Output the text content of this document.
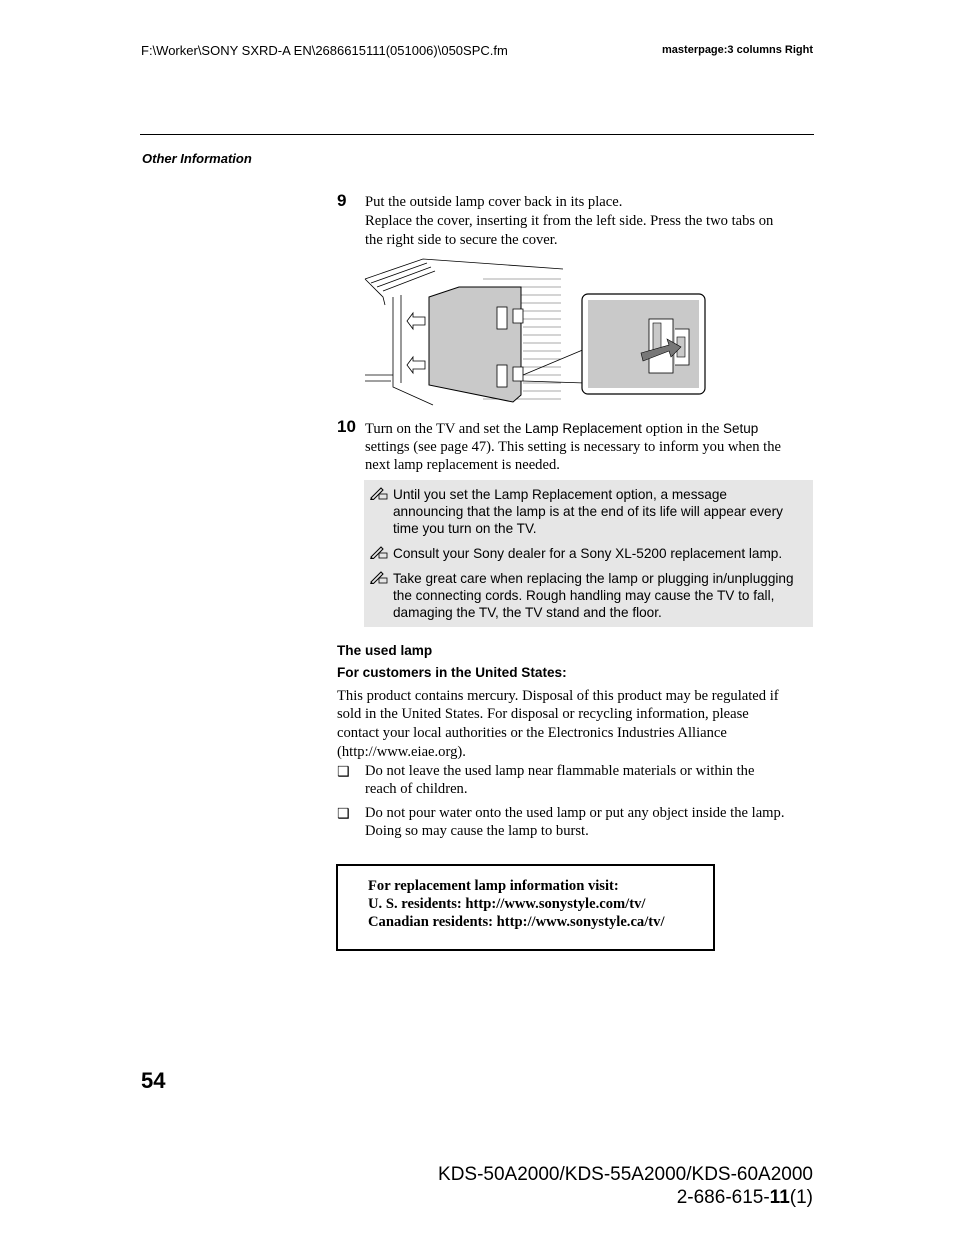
F:\Worker\SONY SXRD-A EN\2686615111(051006)\050SPC.fm	masterpage:3 columns Right
Other Information
9 Put the outside lamp cover back in its place.
Replace the cover, inserting it from the left side. Press the two tabs on
the right side to secure the cover.
10 Turn on the TV and set the Lamp Replacement option in the Setup
settings (see page 47). This setting is necessary to inform you when the
next lamp replacement is needed.
Until you set the Lamp Replacement option, a message
announcing that the lamp is at the end of its life will appear every
time you turn on the TV.
Consult your Sony dealer for a Sony XL-5200 replacement lamp.
Take great care when replacing the lamp or plugging in/unplugging
the connecting cords. Rough handling may cause the TV to fall,
damaging the TV, the TV stand and the floor.
The used lamp
For customers in the United States:
This product contains mercury. Disposal of this product may be regulated if
sold in the United States. For disposal or recycling information, please
contact your local authorities or the Electronics Industries Alliance
(http://www.eiae.org).
❑ Do not leave the used lamp near flammable materials or within the
reach of children.
❑ Do not pour water onto the used lamp or put any object inside the lamp.
Doing so may cause the lamp to burst.
For replacement lamp information visit:
U. S. residents: http://www.sonystyle.com/tv/
Canadian residents: http://www.sonystyle.ca/tv/
54
KDS-50A2000/KDS-55A2000/KDS-60A2000
2-686-615-11(1)
